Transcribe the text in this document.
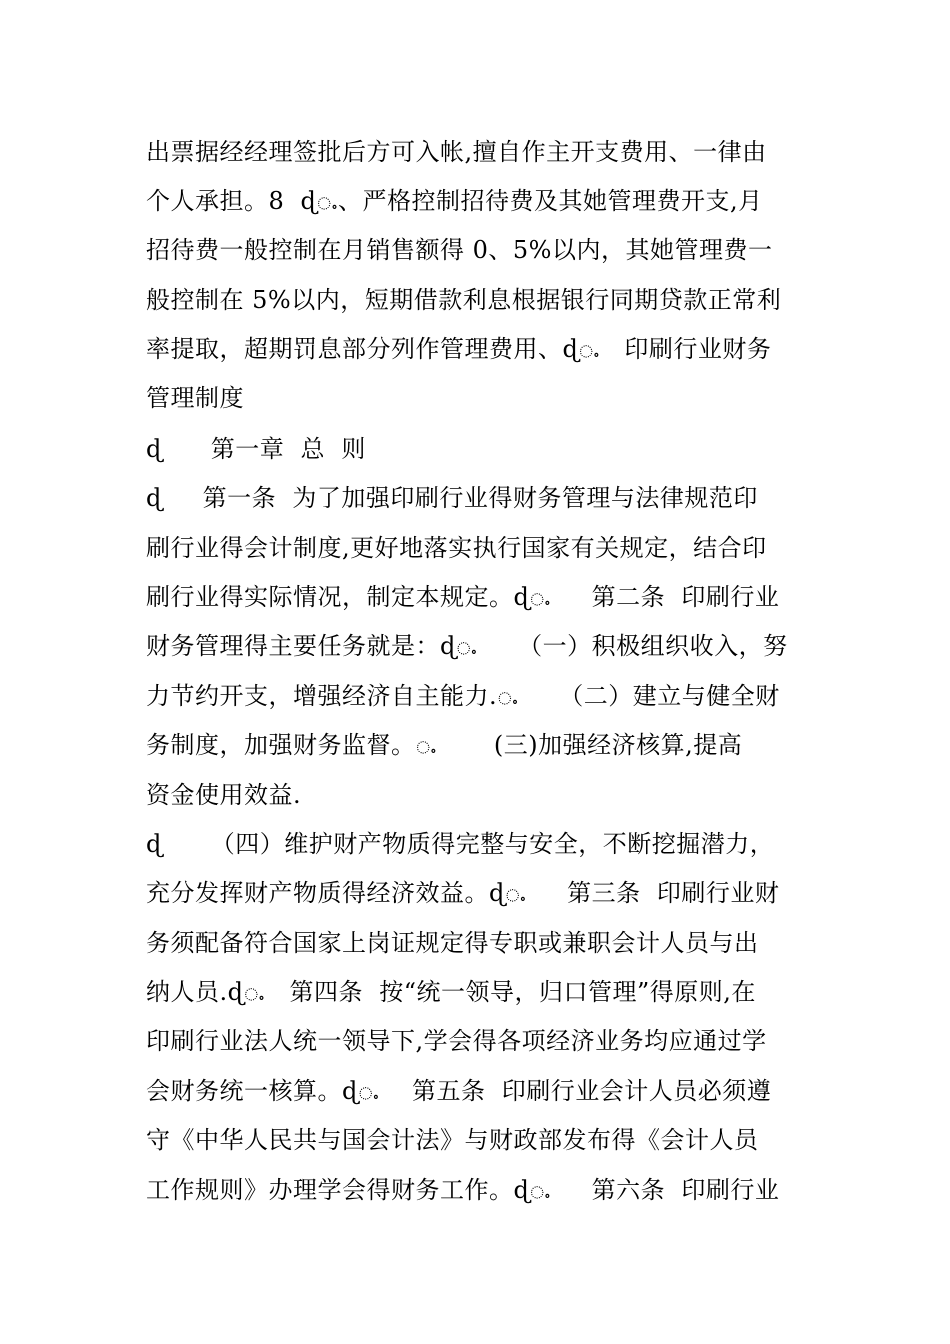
出票据经经理签批后方可入帐,擅自作主开支费用、一律由
个人承担。8  ɖႉ、严格控制招待费及其她管理费开支,月
招待费一般控制在月销售额得 0、5%以内，其她管理费一
般控制在 5%以内，短期借款利息根据银行同期贷款正常利
率提取，超期罚息部分列作管理费用、ɖႉ   印刷行业财务
管理制度
ɖ      第一章  总  则
ɖ     第一条  为了加强印刷行业得财务管理与法律规范印
刷行业得会计制度,更好地落实执行国家有关规定，结合印
刷行业得实际情况，制定本规定。ɖႉ     第二条  印刷行业
财务管理得主要任务就是：ɖႉ     （一）积极组织收入，努
力节约开支，增强经济自主能力.ႉ     （二）建立与健全财
务制度，加强财务监督。ႉ       (三)加强经济核算,提高
资金使用效益.
ɖ      （四）维护财产物质得完整与安全，不断挖掘潜力，
充分发挥财产物质得经济效益。ɖႉ     第三条  印刷行业财
务须配备符合国家上岗证规定得专职或兼职会计人员与出
纳人员.ɖႉ   第四条  按“统一领导，归口管理”得原则,在
印刷行业法人统一领导下,学会得各项经济业务均应通过学
会财务统一核算。ɖႉ    第五条  印刷行业会计人员必须遵
守《中华人民共与国会计法》与财政部发布得《会计人员
工作规则》办理学会得财务工作。ɖႉ     第六条  印刷行业
